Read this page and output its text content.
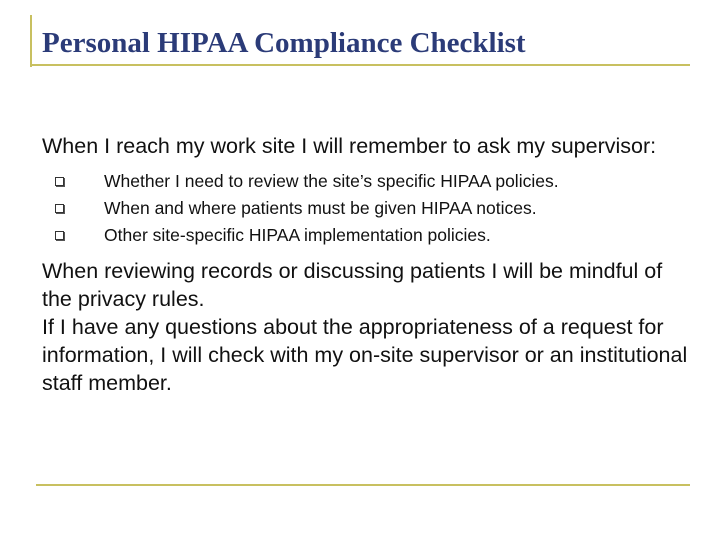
Personal HIPAA Compliance Checklist

When I reach my work site I will remember to ask my supervisor:

Whether I need to review the site’s specific HIPAA policies.
When and where patients must be given HIPAA notices.
Other site-specific HIPAA implementation policies.

When reviewing records or discussing patients I will be mindful of the privacy rules.

If I have any questions about the appropriateness of a request for information, I will check with my on-site supervisor or an institutional staff member.
